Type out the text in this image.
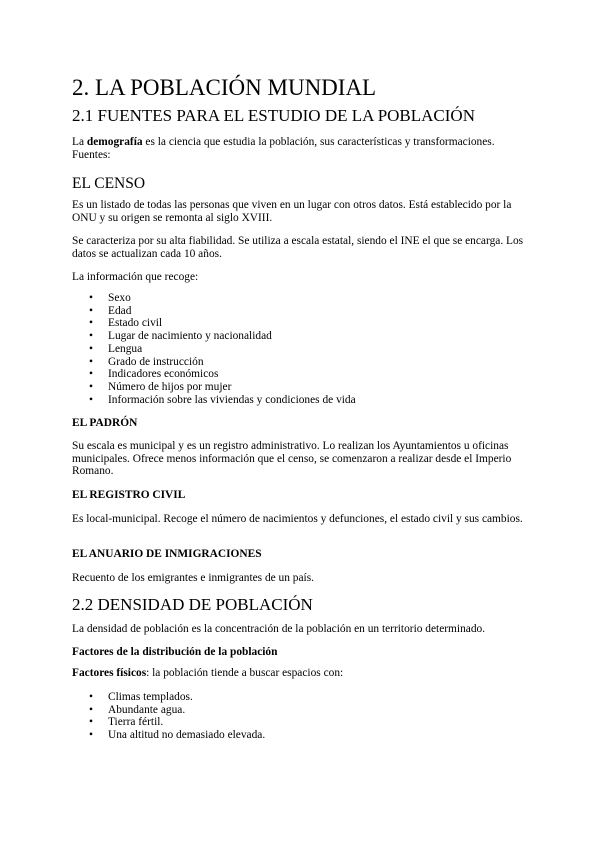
2. LA POBLACIÓN MUNDIAL
2.1 FUENTES PARA EL ESTUDIO DE LA POBLACIÓN
La demografía es la ciencia que estudia la población, sus características y transformaciones.
Fuentes:
EL CENSO
Es un listado de todas las personas que viven en un lugar con otros datos. Está establecido por la ONU y su origen se remonta al siglo XVIII.
Se caracteriza por su alta fiabilidad. Se utiliza a escala estatal, siendo el INE el que se encarga. Los datos se actualizan cada 10 años.
La información que recoge:
• Sexo
• Edad
• Estado civil
• Lugar de nacimiento y nacionalidad
• Lengua
• Grado de instrucción
• Indicadores económicos
• Número de hijos por mujer
• Información sobre las viviendas y condiciones de vida
EL PADRÓN
Su escala es municipal y es un registro administrativo. Lo realizan los Ayuntamientos u oficinas municipales. Ofrece menos información que el censo, se comenzaron a realizar desde el Imperio Romano.
EL REGISTRO CIVIL
Es local-municipal. Recoge el número de nacimientos y defunciones, el estado civil y sus cambios.
EL ANUARIO DE INMIGRACIONES
Recuento de los emigrantes e inmigrantes de un país.
2.2 DENSIDAD DE POBLACIÓN
La densidad de población es la concentración de la población en un territorio determinado.
Factores de la distribución de la población
Factores físicos: la población tiende a buscar espacios con:
• Climas templados.
• Abundante agua.
• Tierra fértil.
• Una altitud no demasiado elevada.
